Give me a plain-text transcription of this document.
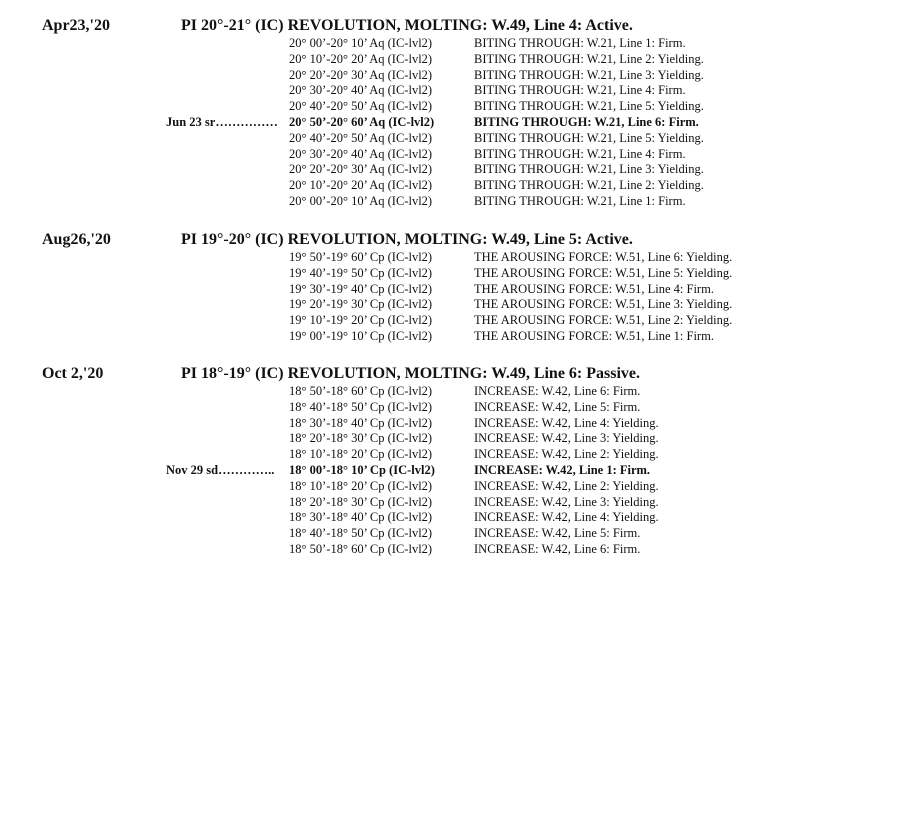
Apr23,'20	PI 20°-21° (IC) REVOLUTION, MOLTING: W.49, Line 4: Active.
20° 00’-20° 10’ Aq (IC-lvl2)	BITING THROUGH: W.21, Line 1: Firm.
20° 10’-20° 20’ Aq (IC-lvl2)	BITING THROUGH: W.21, Line 2: Yielding.
20° 20’-20° 30’ Aq (IC-lvl2)	BITING THROUGH: W.21, Line 3: Yielding.
20° 30’-20° 40’ Aq (IC-lvl2)	BITING THROUGH: W.21, Line 4: Firm.
20° 40’-20° 50’ Aq (IC-lvl2)	BITING THROUGH: W.21, Line 5: Yielding.
Jun 23 sr…………… 20° 50’-20° 60’ Aq (IC-lvl2)	BITING THROUGH: W.21, Line 6: Firm.
20° 40’-20° 50’ Aq (IC-lvl2)	BITING THROUGH: W.21, Line 5: Yielding.
20° 30’-20° 40’ Aq (IC-lvl2)	BITING THROUGH: W.21, Line 4: Firm.
20° 20’-20° 30’ Aq (IC-lvl2)	BITING THROUGH: W.21, Line 3: Yielding.
20° 10’-20° 20’ Aq (IC-lvl2)	BITING THROUGH: W.21, Line 2: Yielding.
20° 00’-20° 10’ Aq (IC-lvl2)	BITING THROUGH: W.21, Line 1: Firm.
Aug26,'20	PI 19°-20° (IC) REVOLUTION, MOLTING: W.49, Line 5: Active.
19° 50’-19° 60’ Cp (IC-lvl2)	THE AROUSING FORCE: W.51, Line 6: Yielding.
19° 40’-19° 50’ Cp (IC-lvl2)	THE AROUSING FORCE: W.51, Line 5: Yielding.
19° 30’-19° 40’ Cp (IC-lvl2)	THE AROUSING FORCE: W.51, Line 4: Firm.
19° 20’-19° 30’ Cp (IC-lvl2)	THE AROUSING FORCE: W.51, Line 3: Yielding.
19° 10’-19° 20’ Cp (IC-lvl2)	THE AROUSING FORCE: W.51, Line 2: Yielding.
19° 00’-19° 10’ Cp (IC-lvl2)	THE AROUSING FORCE: W.51, Line 1: Firm.
Oct 2,'20	PI 18°-19° (IC) REVOLUTION, MOLTING: W.49, Line 6: Passive.
18° 50’-18° 60’ Cp (IC-lvl2)	INCREASE: W.42, Line 6: Firm.
18° 40’-18° 50’ Cp (IC-lvl2)	INCREASE: W.42, Line 5: Firm.
18° 30’-18° 40’ Cp (IC-lvl2)	INCREASE: W.42, Line 4: Yielding.
18° 20’-18° 30’ Cp (IC-lvl2)	INCREASE: W.42, Line 3: Yielding.
18° 10’-18° 20’ Cp (IC-lvl2)	INCREASE: W.42, Line 2: Yielding.
Nov 29 sd………….. 18° 00’-18° 10’ Cp (IC-lvl2)	INCREASE: W.42, Line 1: Firm.
18° 10’-18° 20’ Cp (IC-lvl2)	INCREASE: W.42, Line 2: Yielding.
18° 20’-18° 30’ Cp (IC-lvl2)	INCREASE: W.42, Line 3: Yielding.
18° 30’-18° 40’ Cp (IC-lvl2)	INCREASE: W.42, Line 4: Yielding.
18° 40’-18° 50’ Cp (IC-lvl2)	INCREASE: W.42, Line 5: Firm.
18° 50’-18° 60’ Cp (IC-lvl2)	INCREASE: W.42, Line 6: Firm.
